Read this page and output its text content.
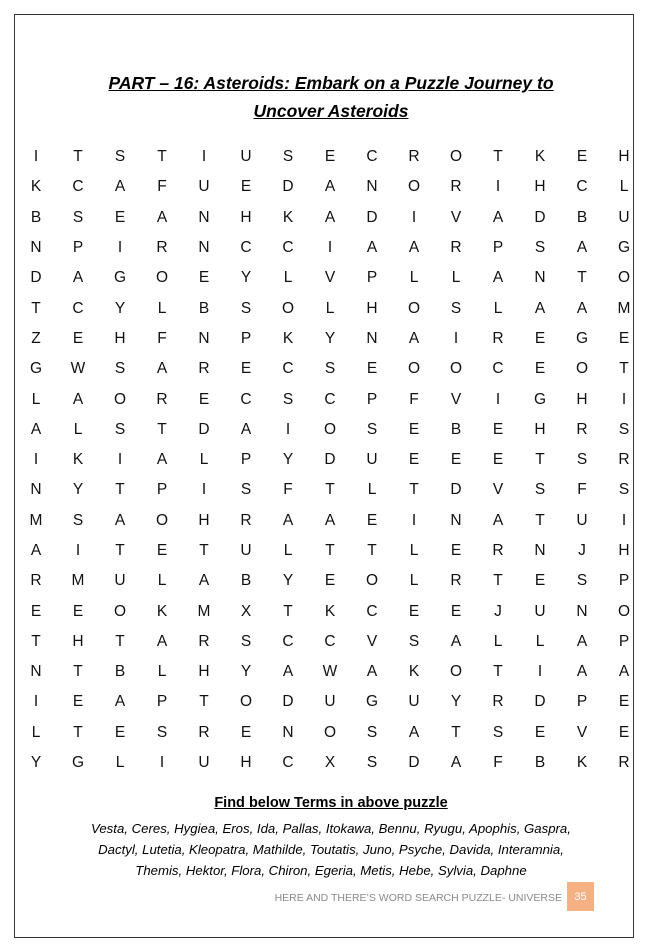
PART – 16: Asteroids: Embark on a Puzzle Journey to
Uncover Asteroids
I	T	S	T	I	U	S	E	C	R	O	T	K	E	H
K	C	A	F	U	E	D	A	N	O	R	I	H	C	L
B	S	E	A	N	H	K	A	D	I	V	A	D	B	U
N	P	I	R	N	C	C	I	A	A	R	P	S	A	G
D	A	G	O	E	Y	L	V	P	L	L	A	N	T	O
T	C	Y	L	B	S	O	L	H	O	S	L	A	A	M
Z	E	H	F	N	P	K	Y	N	A	I	R	E	G	E
G	W	S	A	R	E	C	S	E	O	O	C	E	O	T
L	A	O	R	E	C	S	C	P	F	V	I	G	H	I
A	L	S	T	D	A	I	O	S	E	B	E	H	R	S
I	K	I	A	L	P	Y	D	U	E	E	E	T	S	R
N	Y	T	P	I	S	F	T	L	T	D	V	S	F	S
M	S	A	O	H	R	A	A	E	I	N	A	T	U	I
A	I	T	E	T	U	L	T	T	L	E	R	N	J	H
R	M	U	L	A	B	Y	E	O	L	R	T	E	S	P
E	E	O	K	M	X	T	K	C	E	E	J	U	N	O
T	H	T	A	R	S	C	C	V	S	A	L	L	A	P
N	T	B	L	H	Y	A	W	A	K	O	T	I	A	A
I	E	A	P	T	O	D	U	G	U	Y	R	D	P	E
L	T	E	S	R	E	N	O	S	A	T	S	E	V	E
Y	G	L	I	U	H	C	X	S	D	A	F	B	K	R
Find below Terms in above puzzle
Vesta, Ceres, Hygiea, Eros, Ida, Pallas, Itokawa, Bennu, Ryugu, Apophis, Gaspra,
Dactyl, Lutetia, Kleopatra, Mathilde, Toutatis, Juno, Psyche, Davida, Interamnia,
Themis, Hektor, Flora, Chiron, Egeria, Metis, Hebe, Sylvia, Daphne
HERE AND THERE’S WORD SEARCH PUZZLE- UNIVERSE	35
